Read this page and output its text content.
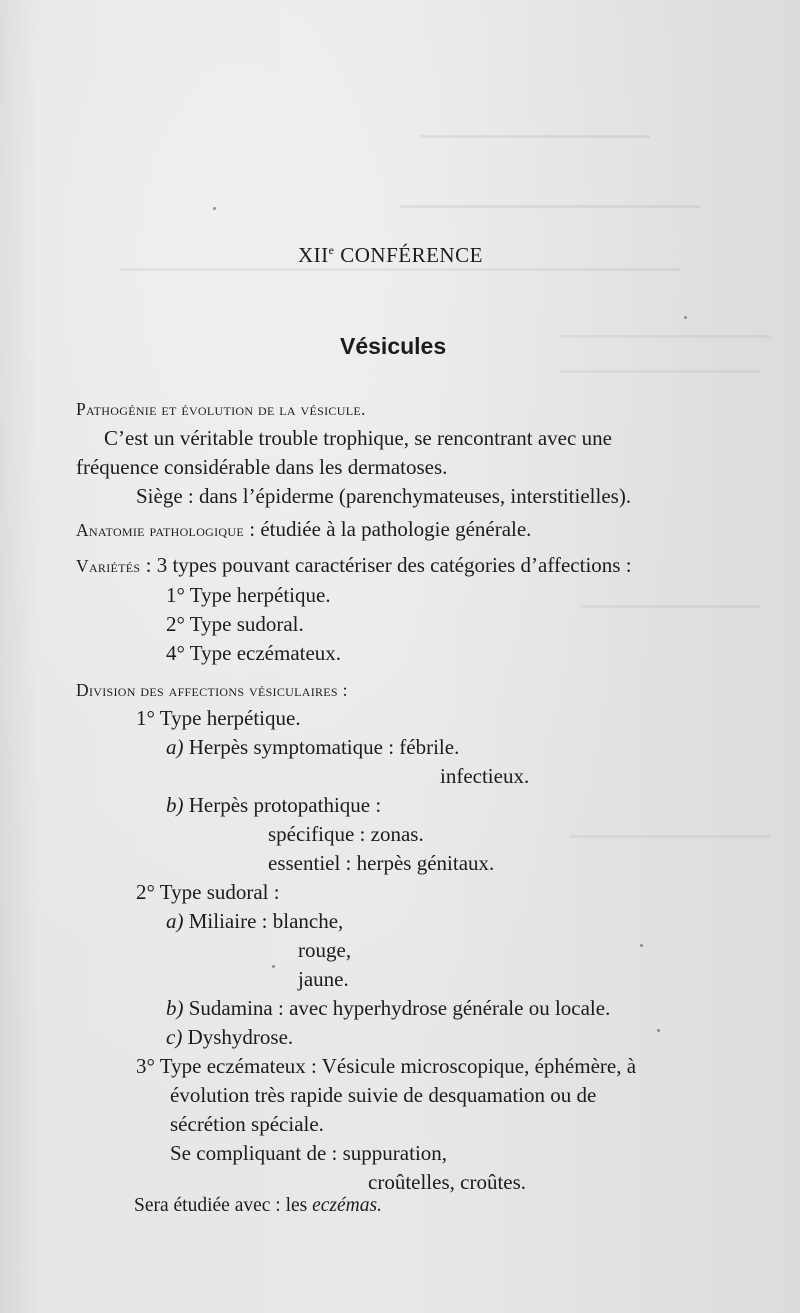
XIIe CONFÉRENCE
Vésicules
Pathogénie et évolution de la vésicule.
C’est un véritable trouble trophique, se rencontrant avec une
fréquence considérable dans les dermatoses.
Siège : dans l’épiderme (parenchymateuses, interstitielles).
Anatomie pathologique : étudiée à la pathologie générale.
Variétés : 3 types pouvant caractériser des catégories d’affections :
1° Type herpétique.
2° Type sudoral.
4° Type eczémateux.
Division des affections vésiculaires :
1° Type herpétique.
a) Herpès symptomatique : fébrile.
infectieux.
b) Herpès protopathique :
spécifique : zonas.
essentiel : herpès génitaux.
2° Type sudoral :
a) Miliaire : blanche,
rouge,
jaune.
b) Sudamina : avec hyperhydrose générale ou locale.
c) Dyshydrose.
3° Type eczémateux : Vésicule microscopique, éphémère, à
évolution très rapide suivie de desquamation ou de
sécrétion spéciale.
Se compliquant de : suppuration,
croûtelles, croûtes.
Sera étudiée avec : les eczémas.
